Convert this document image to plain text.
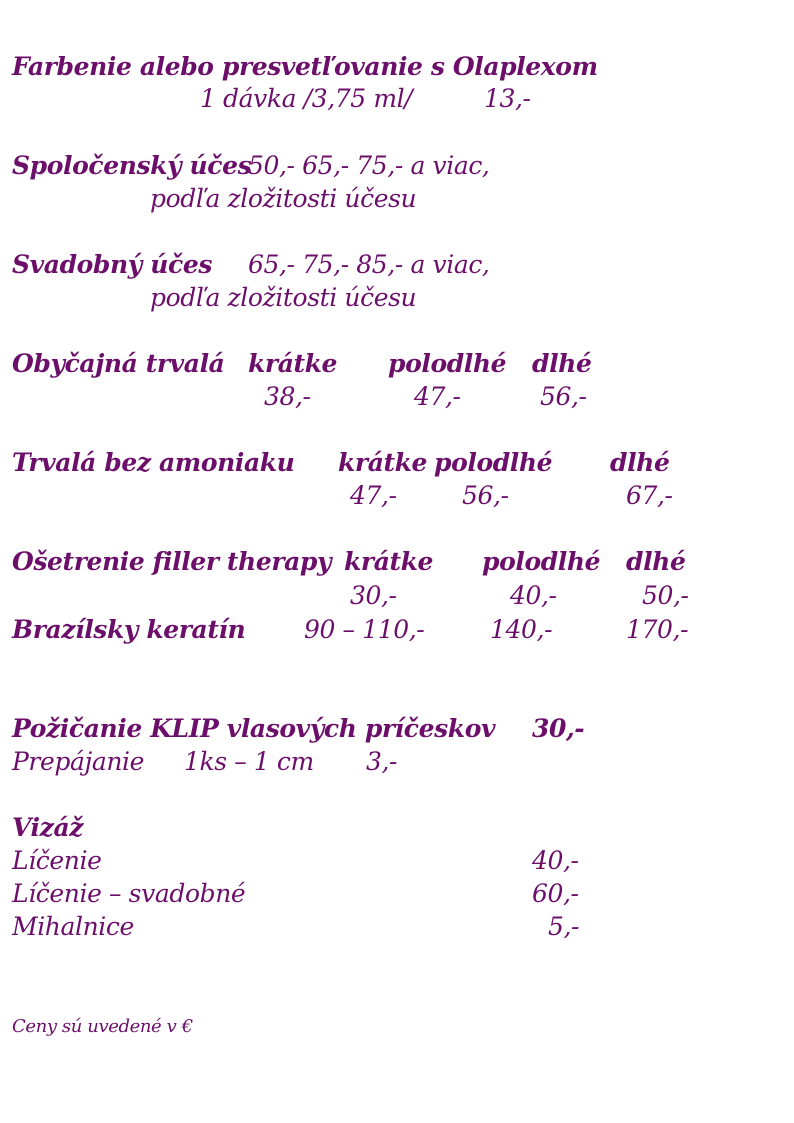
Farbenie alebo presvetľovanie s Olaplexom
1 dávka /3,75 ml/	13,-
Spoločenský účes
50,- 65,- 75,- a viac,
podľa zložitosti účesu
Svadobný účes 65,- 75,- 85,- a viac,
podľa zložitosti účesu
Obyčajná trvalá krátke polodlhé dlhé
38,-	47,-	56,-
Trvalá bez amoniaku krátke polodlhé dlhé
47,-	56,-	67,-
Ošetrenie filler therapy krátke polodlhé dlhé
30,-	40,-	50,-
Brazílsky keratín 90 – 110,-	140,-	170,-
Požičanie KLIP vlasových príčeskov 30,-
Prepájanie 1ks – 1 cm 3,-
Vizáž
Líčenie	40,-
Líčenie – svadobné	60,-
Mihalnice	5,-
Ceny sú uvedené v €
